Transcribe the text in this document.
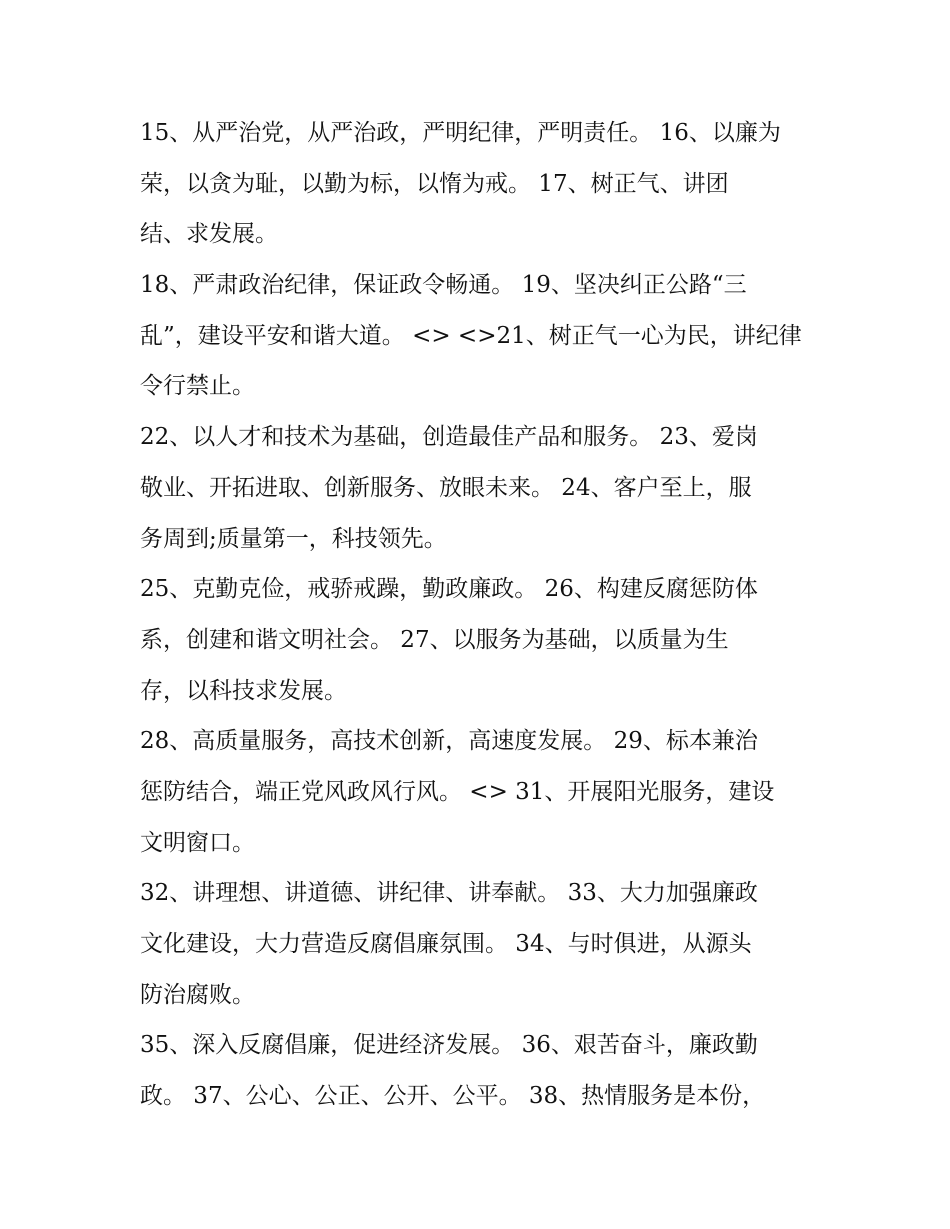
15、从严治党，从严治政，严明纪律，严明责任。 16、以廉为
荣，以贪为耻，以勤为标，以惰为戒。 17、树正气、讲团
结、求发展。

18、严肃政治纪律，保证政令畅通。 19、坚决纠正公路“三
乱”，建设平安和谐大道。 <> <>21、树正气一心为民，讲纪律
令行禁止。

22、以人才和技术为基础，创造最佳产品和服务。 23、爱岗
敬业、开拓进取、创新服务、放眼未来。 24、客户至上，服
务周到;质量第一，科技领先。

25、克勤克俭，戒骄戒躁，勤政廉政。 26、构建反腐惩防体
系，创建和谐文明社会。 27、以服务为基础，以质量为生
存，以科技求发展。

28、高质量服务，高技术创新，高速度发展。 29、标本兼治
惩防结合，端正党风政风行风。 <> 31、开展阳光服务，建设
文明窗口。

32、讲理想、讲道德、讲纪律、讲奉献。 33、大力加强廉政
文化建设，大力营造反腐倡廉氛围。 34、与时俱进，从源头
防治腐败。

35、深入反腐倡廉，促进经济发展。 36、艰苦奋斗，廉政勤
政。 37、公心、公正、公开、公平。 38、热情服务是本份，
